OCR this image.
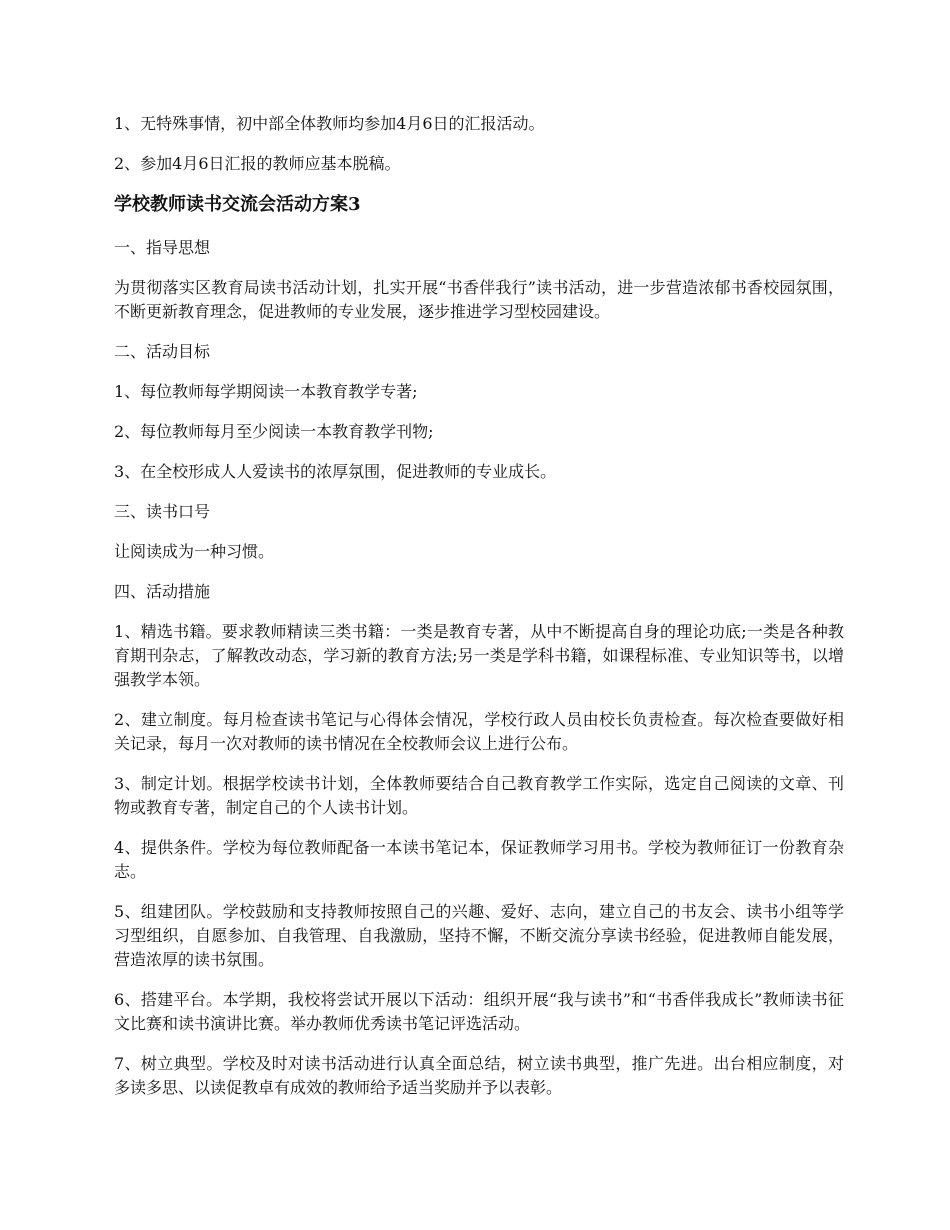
1、无特殊事情，初中部全体教师均参加4月6日的汇报活动。

2、参加4月6日汇报的教师应基本脱稿。

学校教师读书交流会活动方案3

一、指导思想

为贯彻落实区教育局读书活动计划，扎实开展“书香伴我行”读书活动，进一步营造浓郁书香校园氛围，不断更新教育理念，促进教师的专业发展，逐步推进学习型校园建设。

二、活动目标

1、每位教师每学期阅读一本教育教学专著;

2、每位教师每月至少阅读一本教育教学刊物;

3、在全校形成人人爱读书的浓厚氛围，促进教师的专业成长。

三、读书口号

让阅读成为一种习惯。

四、活动措施

1、精选书籍。要求教师精读三类书籍：一类是教育专著，从中不断提高自身的理论功底;一类是各种教育期刊杂志，了解教改动态，学习新的教育方法;另一类是学科书籍，如课程标准、专业知识等书，以增强教学本领。

2、建立制度。每月检查读书笔记与心得体会情况，学校行政人员由校长负责检查。每次检查要做好相关记录，每月一次对教师的读书情况在全校教师会议上进行公布。

3、制定计划。根据学校读书计划，全体教师要结合自己教育教学工作实际，选定自己阅读的文章、刊物或教育专著，制定自己的个人读书计划。

4、提供条件。学校为每位教师配备一本读书笔记本，保证教师学习用书。学校为教师征订一份教育杂志。

5、组建团队。学校鼓励和支持教师按照自己的兴趣、爱好、志向，建立自己的书友会、读书小组等学习型组织，自愿参加、自我管理、自我激励，坚持不懈，不断交流分享读书经验，促进教师自能发展，营造浓厚的读书氛围。

6、搭建平台。本学期，我校将尝试开展以下活动：组织开展“我与读书”和“书香伴我成长”教师读书征文比赛和读书演讲比赛。举办教师优秀读书笔记评选活动。

7、树立典型。学校及时对读书活动进行认真全面总结，树立读书典型，推广先进。出台相应制度，对多读多思、以读促教卓有成效的教师给予适当奖励并予以表彰。
